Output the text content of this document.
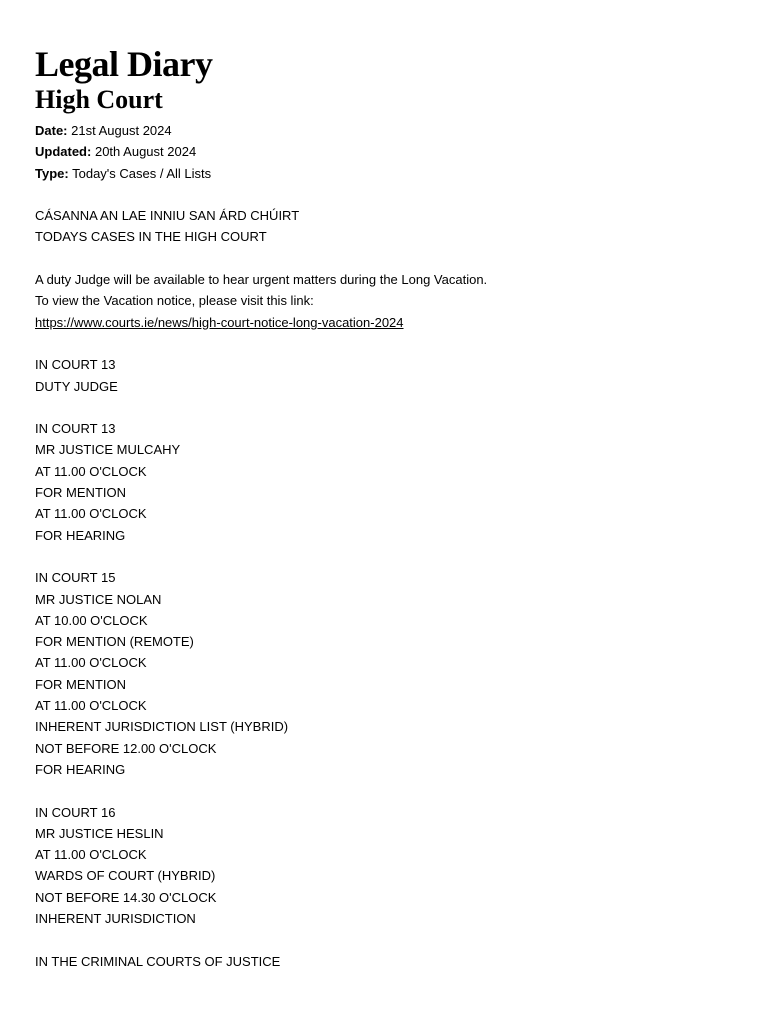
Legal Diary
High Court

Date: 21st August 2024

Updated: 20th August 2024

Type: Today's Cases / All Lists

CÁSANNA AN LAE INNIU SAN ÁRD CHÚIRT
TODAYS CASES IN THE HIGH COURT
A duty Judge will be available to hear urgent matters during the Long Vacation.
To view the Vacation notice, please visit this link:
https://www.courts.ie/news/high-court-notice-long-vacation-2024
IN COURT 13
DUTY JUDGE
IN COURT 13
MR JUSTICE MULCAHY
AT 11.00 O'CLOCK
FOR MENTION
AT 11.00 O'CLOCK
FOR HEARING
IN COURT 15
MR JUSTICE NOLAN
AT 10.00 O'CLOCK
FOR MENTION (REMOTE)
AT 11.00 O'CLOCK
FOR MENTION
AT 11.00 O'CLOCK
INHERENT JURISDICTION LIST (HYBRID)
NOT BEFORE 12.00 O'CLOCK
FOR HEARING
IN COURT 16
MR JUSTICE HESLIN
AT 11.00 O'CLOCK
WARDS OF COURT (HYBRID)
NOT BEFORE 14.30 O'CLOCK
INHERENT JURISDICTION
IN THE CRIMINAL COURTS OF JUSTICE
